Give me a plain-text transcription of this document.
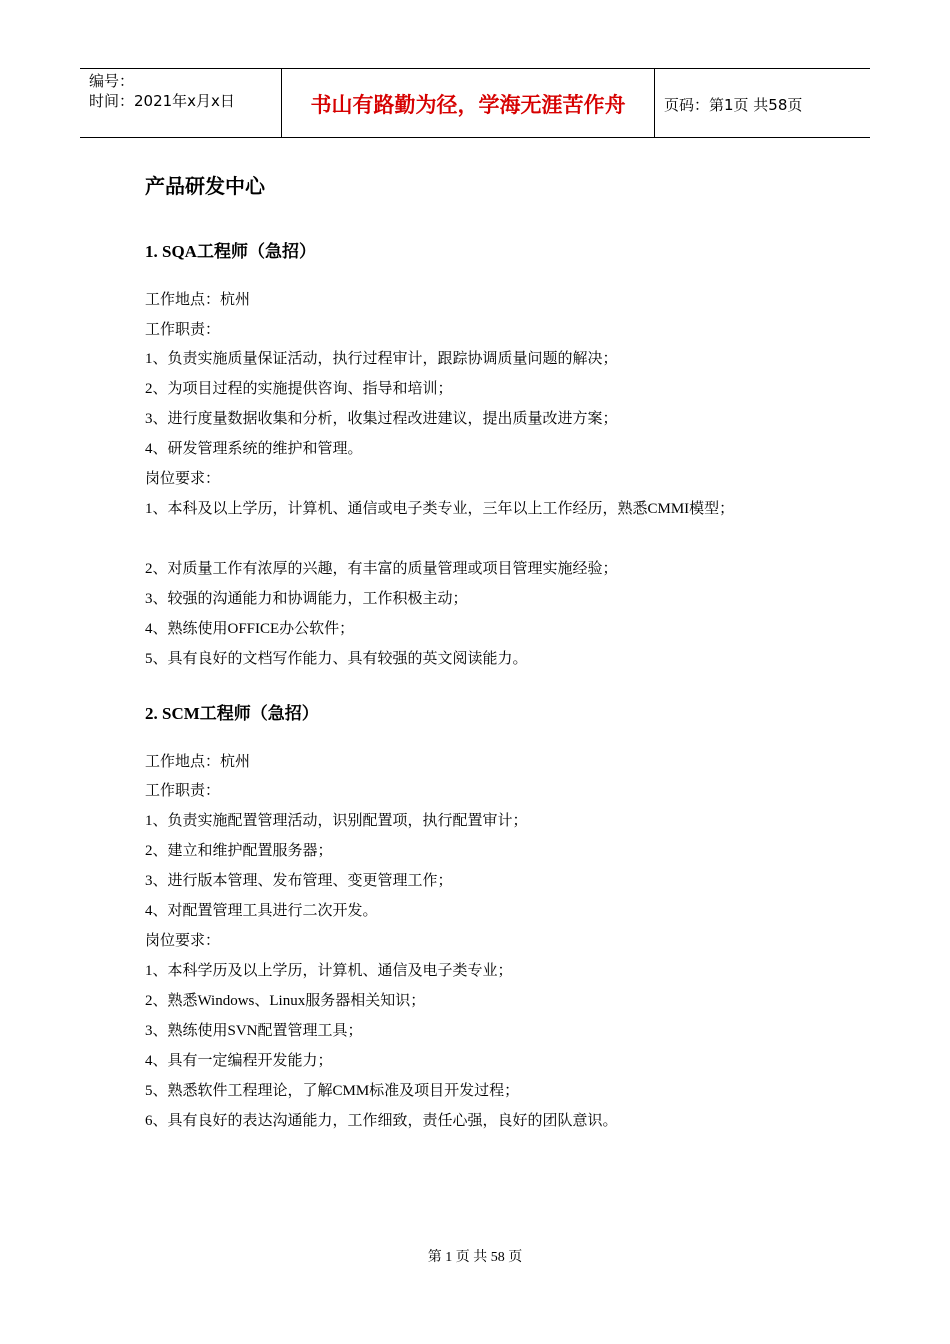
编号：
时间：2021年x月x日	书山有路勤为径，学海无涯苦作舟	页码：第1页 共58页
产品研发中心
1. SQA工程师（急招）
工作地点：杭州
工作职责：
1、负责实施质量保证活动，执行过程审计，跟踪协调质量问题的解决；
2、为项目过程的实施提供咨询、指导和培训；
3、进行度量数据收集和分析，收集过程改进建议，提出质量改进方案；
4、研发管理系统的维护和管理。
岗位要求：
1、本科及以上学历，计算机、通信或电子类专业，三年以上工作经历，熟悉CMMI模型；
2、对质量工作有浓厚的兴趣，有丰富的质量管理或项目管理实施经验；
3、较强的沟通能力和协调能力，工作积极主动；
4、熟练使用OFFICE办公软件；
5、具有良好的文档写作能力、具有较强的英文阅读能力。
2. SCM工程师（急招）
工作地点：杭州
工作职责：
1、负责实施配置管理活动，识别配置项，执行配置审计；
2、建立和维护配置服务器；
3、进行版本管理、发布管理、变更管理工作；
4、对配置管理工具进行二次开发。
岗位要求：
1、本科学历及以上学历，计算机、通信及电子类专业；
2、熟悉Windows、Linux服务器相关知识；
3、熟练使用SVN配置管理工具；
4、具有一定编程开发能力；
5、熟悉软件工程理论，了解CMM标准及项目开发过程；
6、具有良好的表达沟通能力，工作细致，责任心强，良好的团队意识。
第 1 页 共 58 页
